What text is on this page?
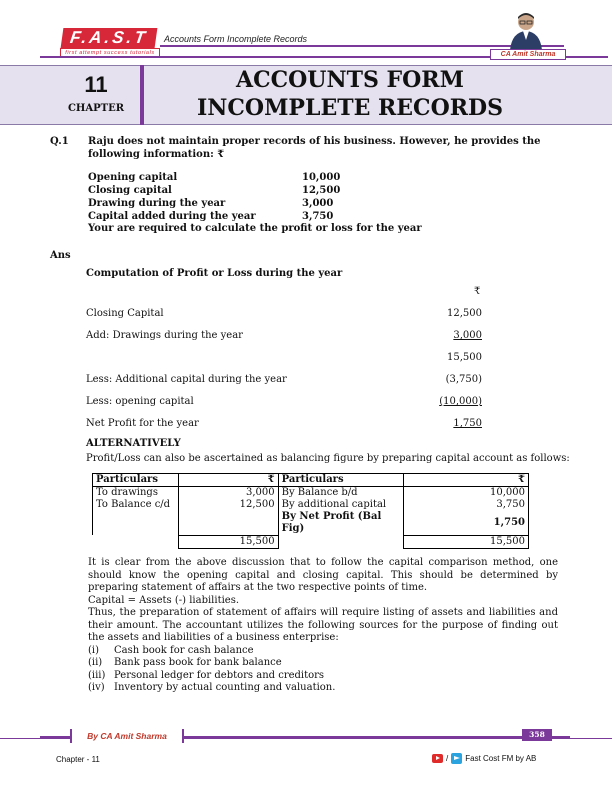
F.A.S.T
first attempt success tutorials
Accounts Form Incomplete Records
CA Amit Sharma
11
CHAPTER
ACCOUNTS FORM INCOMPLETE RECORDS
Q.1 Raju does not maintain proper records of his business. However, he provides the following information: ₹
Opening capital	10,000
Closing capital	12,500
Drawing during the year	3,000
Capital added during the year	3,750
Your are required to calculate the profit or loss for the year
Ans
Computation of Profit or Loss during the year
₹
Closing Capital	12,500
Add: Drawings during the year	3,000
15,500
Less: Additional capital during the year	(3,750)
Less: opening capital	(10,000)
Net Profit for the year	1,750
ALTERNATIVELY
Profit/Loss can also be ascertained as balancing figure by preparing capital account as follows:
Particulars	₹	Particulars	₹
To drawings	3,000	By Balance b/d	10,000
To Balance c/d	12,500	By additional capital	3,750
		By Net Profit (Bal Fig)	1,750
	15,500		15,500

It is clear from the above discussion that to follow the capital comparison method, one should know the opening capital and closing capital. This should be determined by preparing statement of affairs at the two respective points of time.

Capital = Assets (-) liabilities.

Thus, the preparation of statement of affairs will require listing of assets and liabilities and their amount. The accountant utilizes the following sources for the purpose of finding out the assets and liabilities of a business enterprise:

(i)	Cash book for cash balance
(ii)	Bank pass book for bank balance
(iii) Personal ledger for debtors and creditors
(iv) Inventory by actual counting and valuation.
By CA Amit Sharma	358
Chapter - 11	/ Fast Cost FM by AB
